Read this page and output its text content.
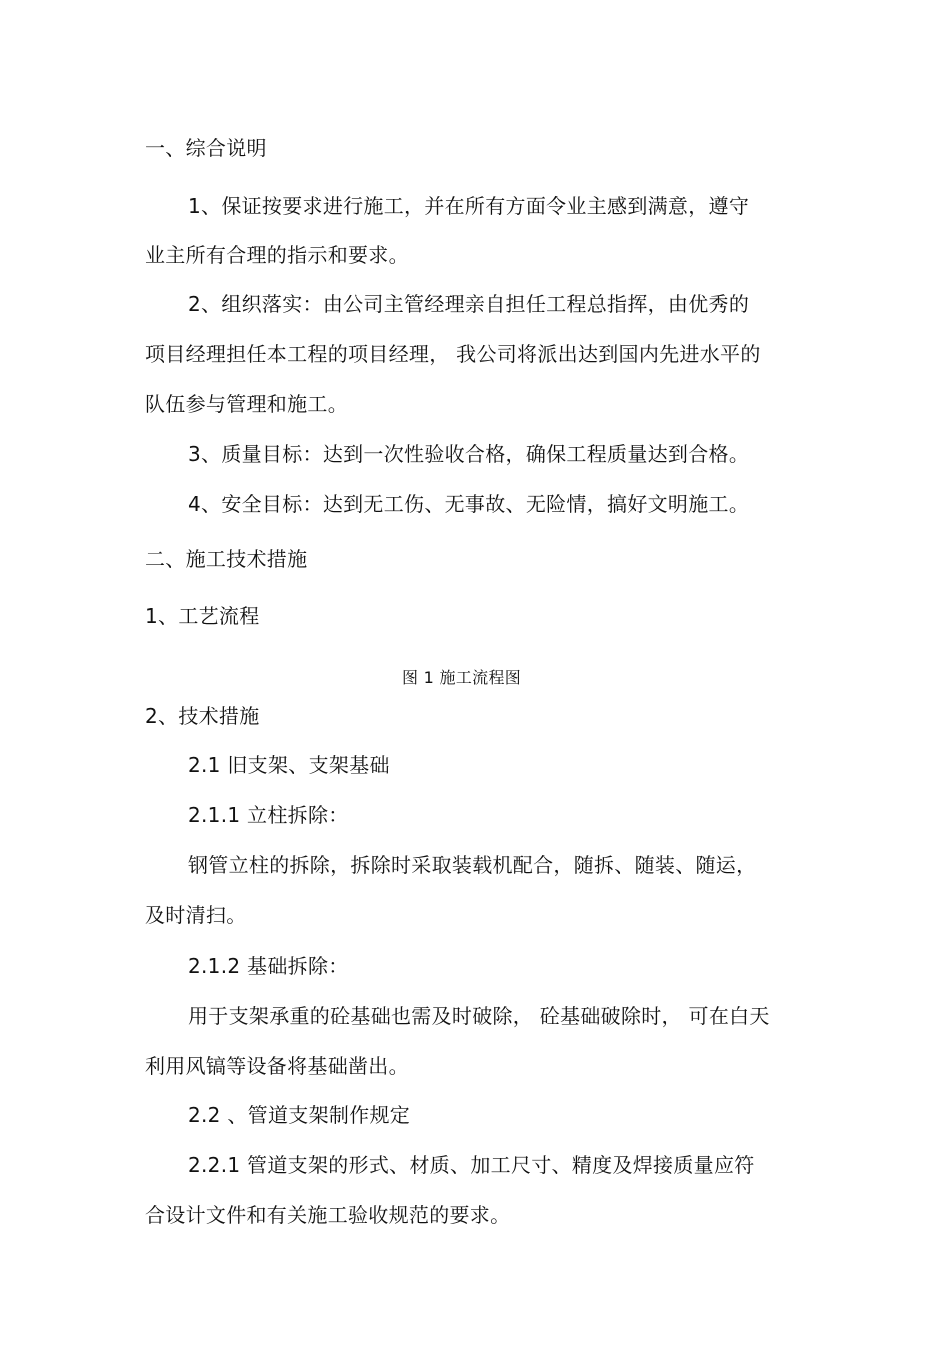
一、综合说明

1、保证按要求进行施工，并在所有方面令业主感到满意，遵守

业主所有合理的指示和要求。

2、组织落实：由公司主管经理亲自担任工程总指挥，由优秀的

项目经理担任本工程的项目经理， 我公司将派出达到国内先进水平的

队伍参与管理和施工。

3、质量目标：达到一次性验收合格，确保工程质量达到合格。

4、安全目标：达到无工伤、无事故、无险情，搞好文明施工。

二、施工技术措施

1、工艺流程

图 1 施工流程图

2、技术措施

2.1 旧支架、支架基础

2.1.1 立柱拆除：

钢管立柱的拆除，拆除时采取装载机配合，随拆、随装、随运，

及时清扫。

2.1.2 基础拆除：

用于支架承重的砼基础也需及时破除， 砼基础破除时， 可在白天

利用风镐等设备将基础凿出。

2.2 、管道支架制作规定

2.2.1 管道支架的形式、材质、加工尺寸、精度及焊接质量应符

合设计文件和有关施工验收规范的要求。
